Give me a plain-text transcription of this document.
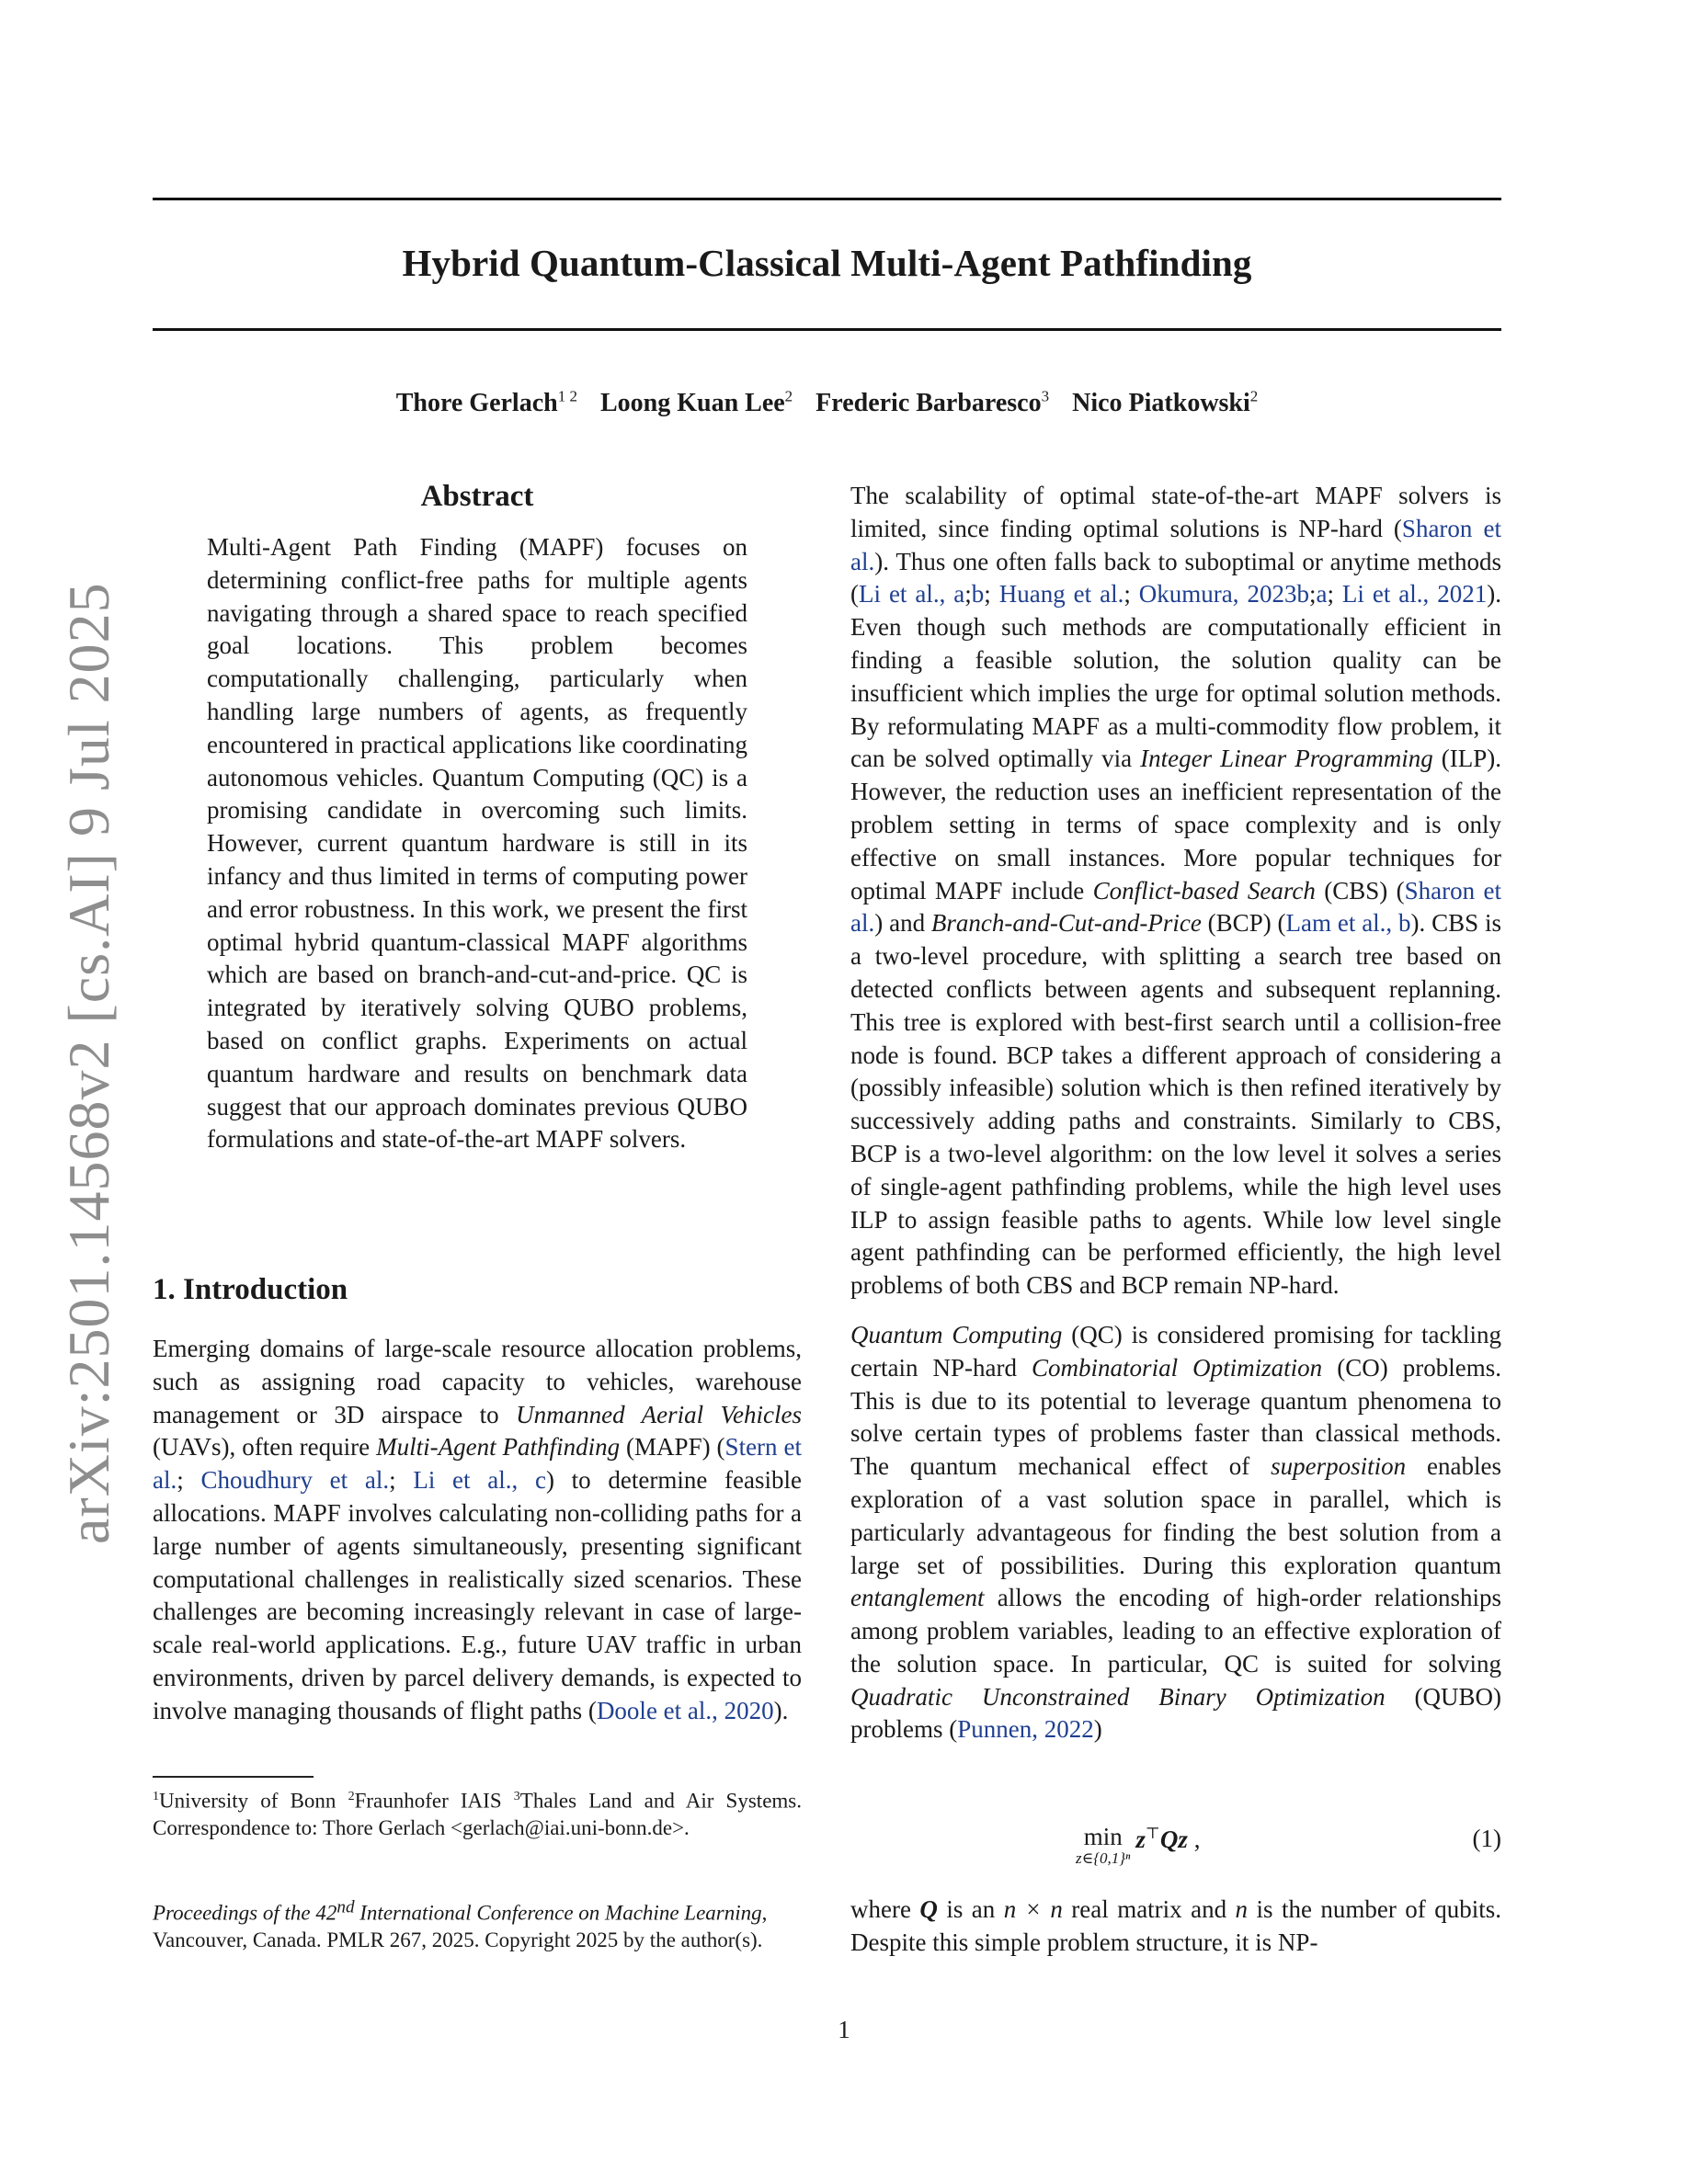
arXiv:2501.14568v2 [cs.AI] 9 Jul 2025
Hybrid Quantum-Classical Multi-Agent Pathfinding
Thore Gerlach$^{1 2}$ Loong Kuan Lee$^2$ Frederic Barbaresco$^3$ Nico Piatkowski$^2$
Abstract
Multi-Agent Path Finding (MAPF) focuses on determining conflict-free paths for multiple agents navigating through a shared space to reach specified goal locations. This problem becomes computationally challenging, particularly when handling large numbers of agents, as frequently encountered in practical applications like coordinating autonomous vehicles. Quantum Computing (QC) is a promising candidate in overcoming such limits. However, current quantum hardware is still in its infancy and thus limited in terms of computing power and error robustness. In this work, we present the first optimal hybrid quantum-classical MAPF algorithms which are based on branch-and-cut-and-price. QC is integrated by iteratively solving QUBO problems, based on conflict graphs. Experiments on actual quantum hardware and results on benchmark data suggest that our approach dominates previous QUBO formulations and state-of-the-art MAPF solvers.
1. Introduction

Emerging domains of large-scale resource allocation problems, such as assigning road capacity to vehicles, warehouse management or 3D airspace to Unmanned Aerial Vehicles (UAVs), often require Multi-Agent Pathfinding (MAPF) (Stern et al.; Choudhury et al.; Li et al., c) to determine feasible allocations. MAPF involves calculating non-colliding paths for a large number of agents simultaneously, presenting significant computational challenges in realistically sized scenarios. These challenges are becoming increasingly relevant in case of large-scale real-world applications. E.g., future UAV traffic in urban environments, driven by parcel delivery demands, is expected to involve managing thousands of flight paths (Doole et al., 2020).

$^1$University of Bonn $^2$Fraunhofer IAIS $^3$Thales Land and Air Systems. Correspondence to: Thore Gerlach <gerlach@iai.uni-bonn.de>.
Proceedings of the 42nd International Conference on Machine Learning, Vancouver, Canada. PMLR 267, 2025. Copyright 2025 by the author(s).

The scalability of optimal state-of-the-art MAPF solvers is limited, since finding optimal solutions is NP-hard (Sharon et al.). Thus one often falls back to suboptimal or anytime methods (Li et al., a;b; Huang et al.; Okumura, 2023b;a; Li et al., 2021). Even though such methods are computationally efficient in finding a feasible solution, the solution quality can be insufficient which implies the urge for optimal solution methods. By reformulating MAPF as a multi-commodity flow problem, it can be solved optimally via Integer Linear Programming (ILP). However, the reduction uses an inefficient representation of the problem setting in terms of space complexity and is only effective on small instances. More popular techniques for optimal MAPF include Conflict-based Search (CBS) (Sharon et al.) and Branch-and-Cut-and-Price (BCP) (Lam et al., b). CBS is a two-level procedure, with splitting a search tree based on detected conflicts between agents and subsequent replanning. This tree is explored with best-first search until a collision-free node is found. BCP takes a different approach of considering a (possibly infeasible) solution which is then refined iteratively by successively adding paths and constraints. Similarly to CBS, BCP is a two-level algorithm: on the low level it solves a series of single-agent pathfinding problems, while the high level uses ILP to assign feasible paths to agents. While low level single agent pathfinding can be performed efficiently, the high level problems of both CBS and BCP remain NP-hard.

Quantum Computing (QC) is considered promising for tackling certain NP-hard Combinatorial Optimization (CO) problems. This is due to its potential to leverage quantum phenomena to solve certain types of problems faster than classical methods. The quantum mechanical effect of superposition enables exploration of a vast solution space in parallel, which is particularly advantageous for finding the best solution from a large set of possibilities. During this exploration quantum entanglement allows the encoding of high-order relationships among problem variables, leading to an effective exploration of the solution space. In particular, QC is suited for solving Quadratic Unconstrained Binary Optimization (QUBO) problems (Punnen, 2022)

min
z∈{0,1}ⁿ
z⊤Qz ,	(1)
where Q is an n × n real matrix and n is the number of qubits. Despite this simple problem structure, it is NP-
1
